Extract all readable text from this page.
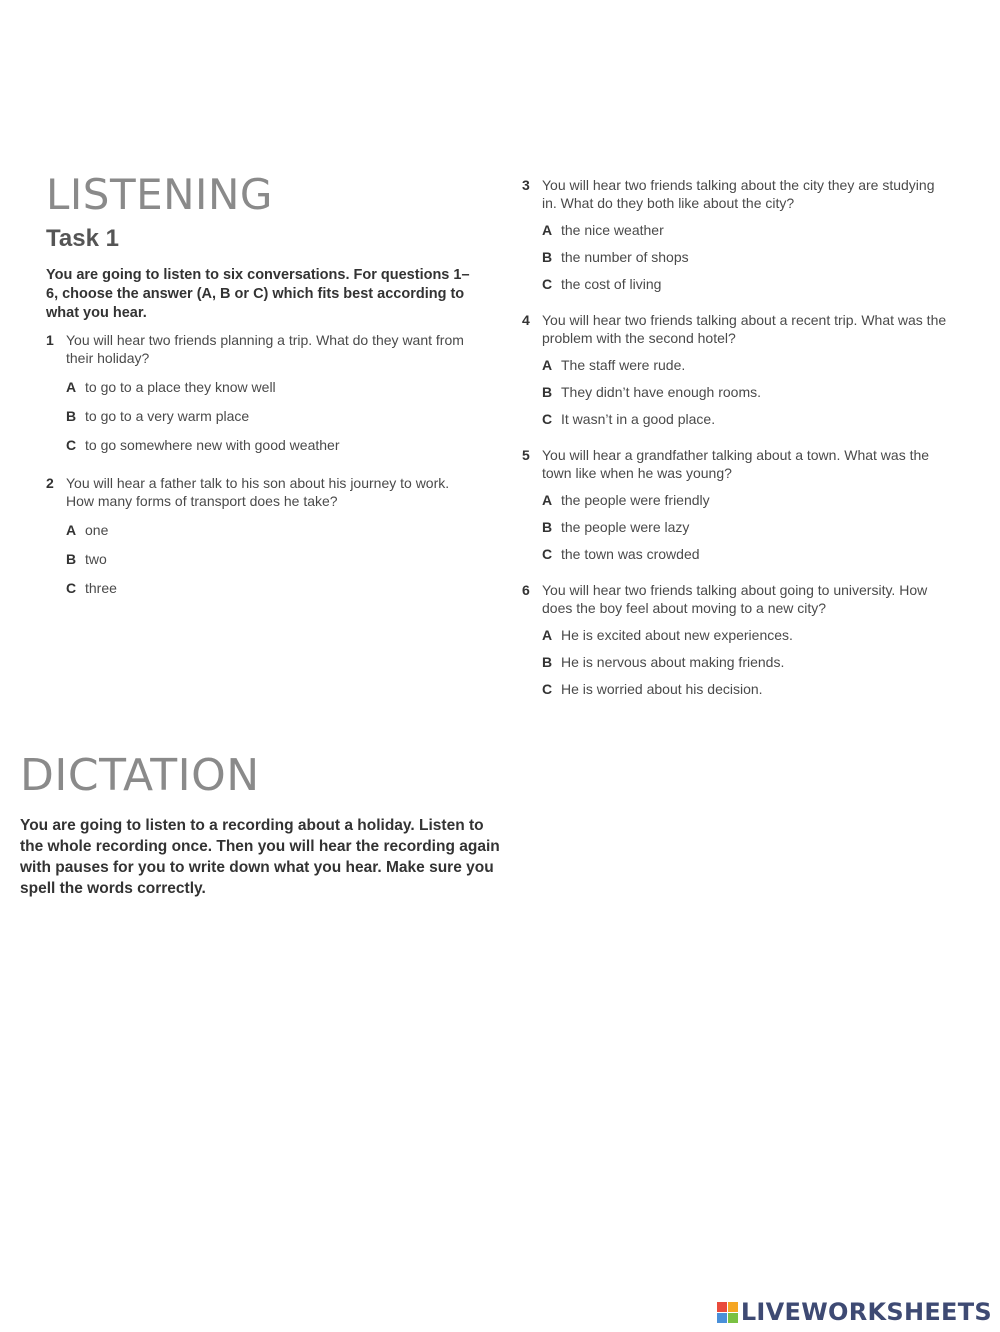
LISTENING
Task 1

You are going to listen to six conversations. For questions 1–6, choose the answer (A, B or C) which fits best according to what you hear.

1 You will hear two friends planning a trip. What do they want from their holiday?
A to go to a place they know well
B to go to a very warm place
C to go somewhere new with good weather
2 You will hear a father talk to his son about his journey to work. How many forms of transport does he take?
A one
B two
C three
3 You will hear two friends talking about the city they are studying in. What do they both like about the city?
A the nice weather
B the number of shops
C the cost of living
4 You will hear two friends talking about a recent trip. What was the problem with the second hotel?
A The staff were rude.
B They didn’t have enough rooms.
C It wasn’t in a good place.
5 You will hear a grandfather talking about a town. What was the town like when he was young?
A the people were friendly
B the people were lazy
C the town was crowded
6 You will hear two friends talking about going to university. How does the boy feel about moving to a new city?
A He is excited about new experiences.
B He is nervous about making friends.
C He is worried about his decision.
DICTATION

You are going to listen to a recording about a holiday. Listen to the whole recording once. Then you will hear the recording again with pauses for you to write down what you hear. Make sure you spell the words correctly.

LIVEWORKSHEETS
